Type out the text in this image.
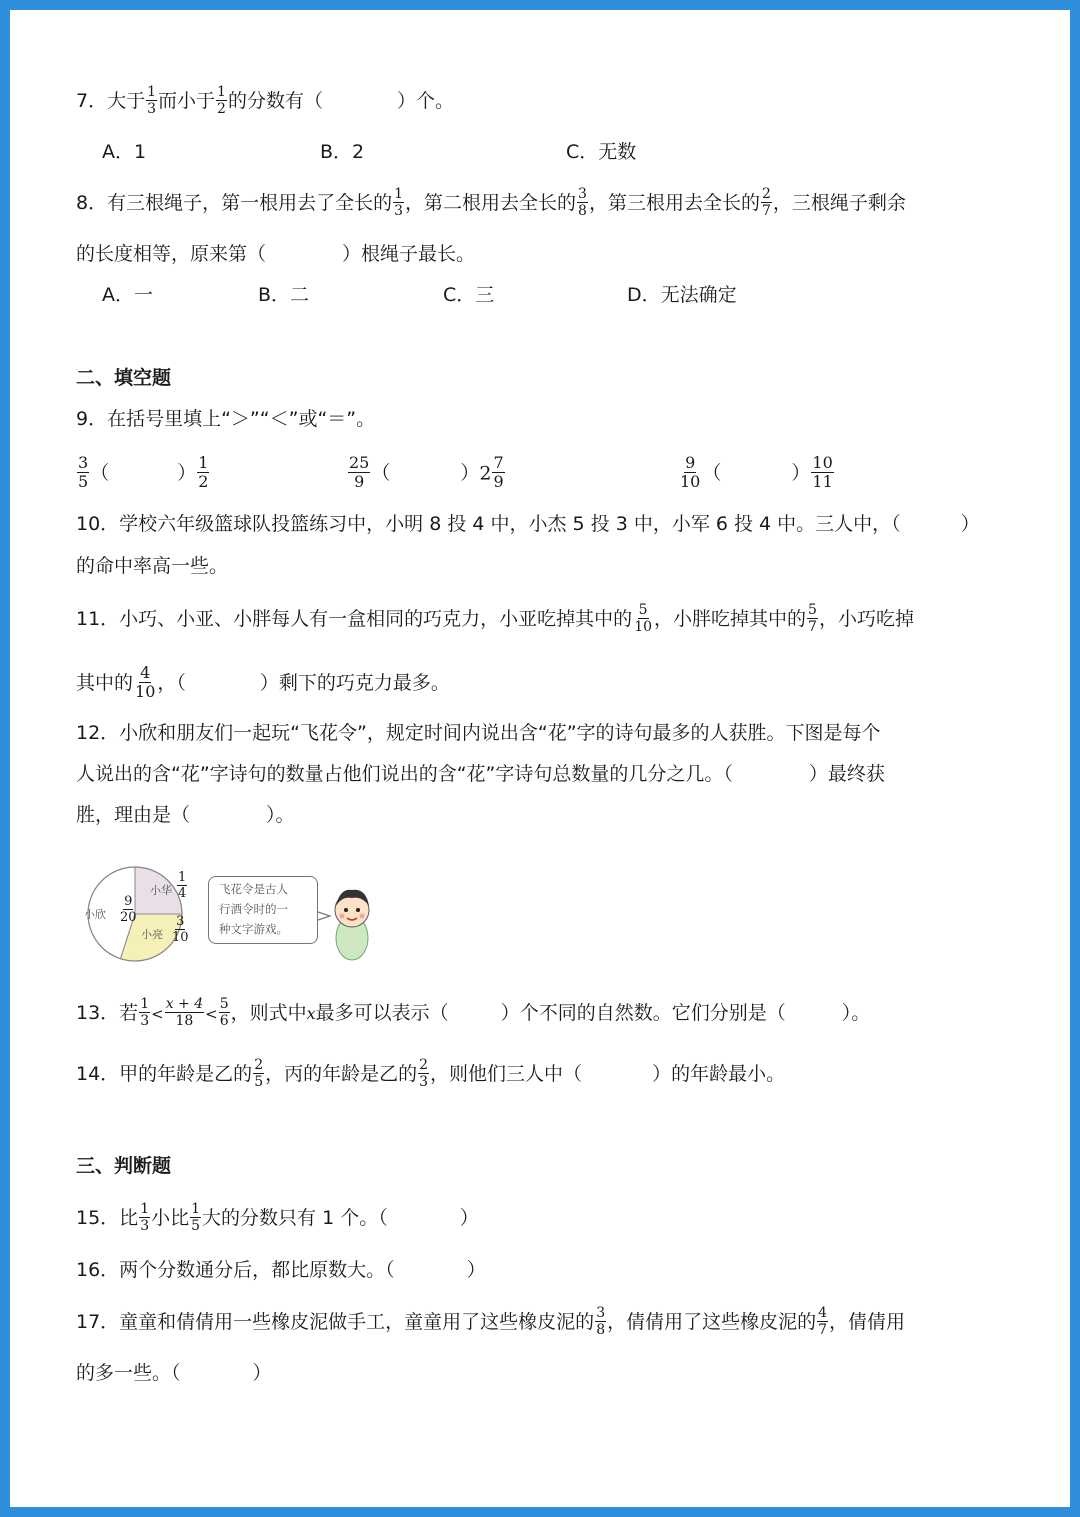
7．大于 $\frac{1}{3}$ 而小于 $\frac{1}{2}$ 的分数有（	）个。
A．1	B．2	C．无数
8．有三根绳子，第一根用去了全长的 $\frac{1}{3}$ ，第二根用去全长的 $\frac{3}{8}$ ，第三根用去全长的 $\frac{2}{7}$ ，三根绳子剩余
的长度相等，原来第（	）根绳子最长。
A．一	B．二	C．三	D．无法确定
二、填空题
9．在括号里填上“＞”“＜”或“＝”。
$\frac{3}{5}$ （	） $\frac{1}{2}$	$\frac{25}{9}$ （	）$2 \frac{7}{9}$	$\frac{9}{10}$ （	） $\frac{10}{11}$
10．学校六年级篮球队投篮练习中，小明 8 投 4 中，小杰 5 投 3 中，小军 6 投 4 中。三人中，（	）
的命中率高一些。
11．小巧、小亚、小胖每人有一盒相同的巧克力，小亚吃掉其中的 $\frac{5}{10}$ ，小胖吃掉其中的 $\frac{5}{7}$ ，小巧吃掉
其中的 $\frac{4}{10}$ ，（	）剩下的巧克力最多。
12．小欣和朋友们一起玩“飞花令”，规定时间内说出含“花”字的诗句最多的人获胜。下图是每个
人说出的含“花”字诗句的数量占他们说出的含“花”字诗句总数量的几分之几。（	）最终获
胜，理由是（	）。
小欣 $\frac{9}{20}$
小华 $\frac{1}{4}$
小亮 $\frac{3}{10}$
飞花令是古人
行酒令时的一
种文字游戏。
13．若 $\frac{1}{3} < \frac{x + 4}{18} < \frac{5}{6}$ ，则式中x最多可以表示（	）个不同的自然数。它们分别是（	）。
14．甲的年龄是乙的 $\frac{2}{5}$ ，丙的年龄是乙的 $\frac{2}{3}$ ，则他们三人中（	）的年龄最小。
三、判断题
15．比 $\frac{1}{3}$ 小比 $\frac{1}{5}$ 大的分数只有 1 个。（	）
16．两个分数通分后，都比原数大。（	）
17．童童和倩倩用一些橡皮泥做手工，童童用了这些橡皮泥的 $\frac{3}{8}$ ，倩倩用了这些橡皮泥的 $\frac{4}{7}$ ，倩倩用
的多一些。（	）
